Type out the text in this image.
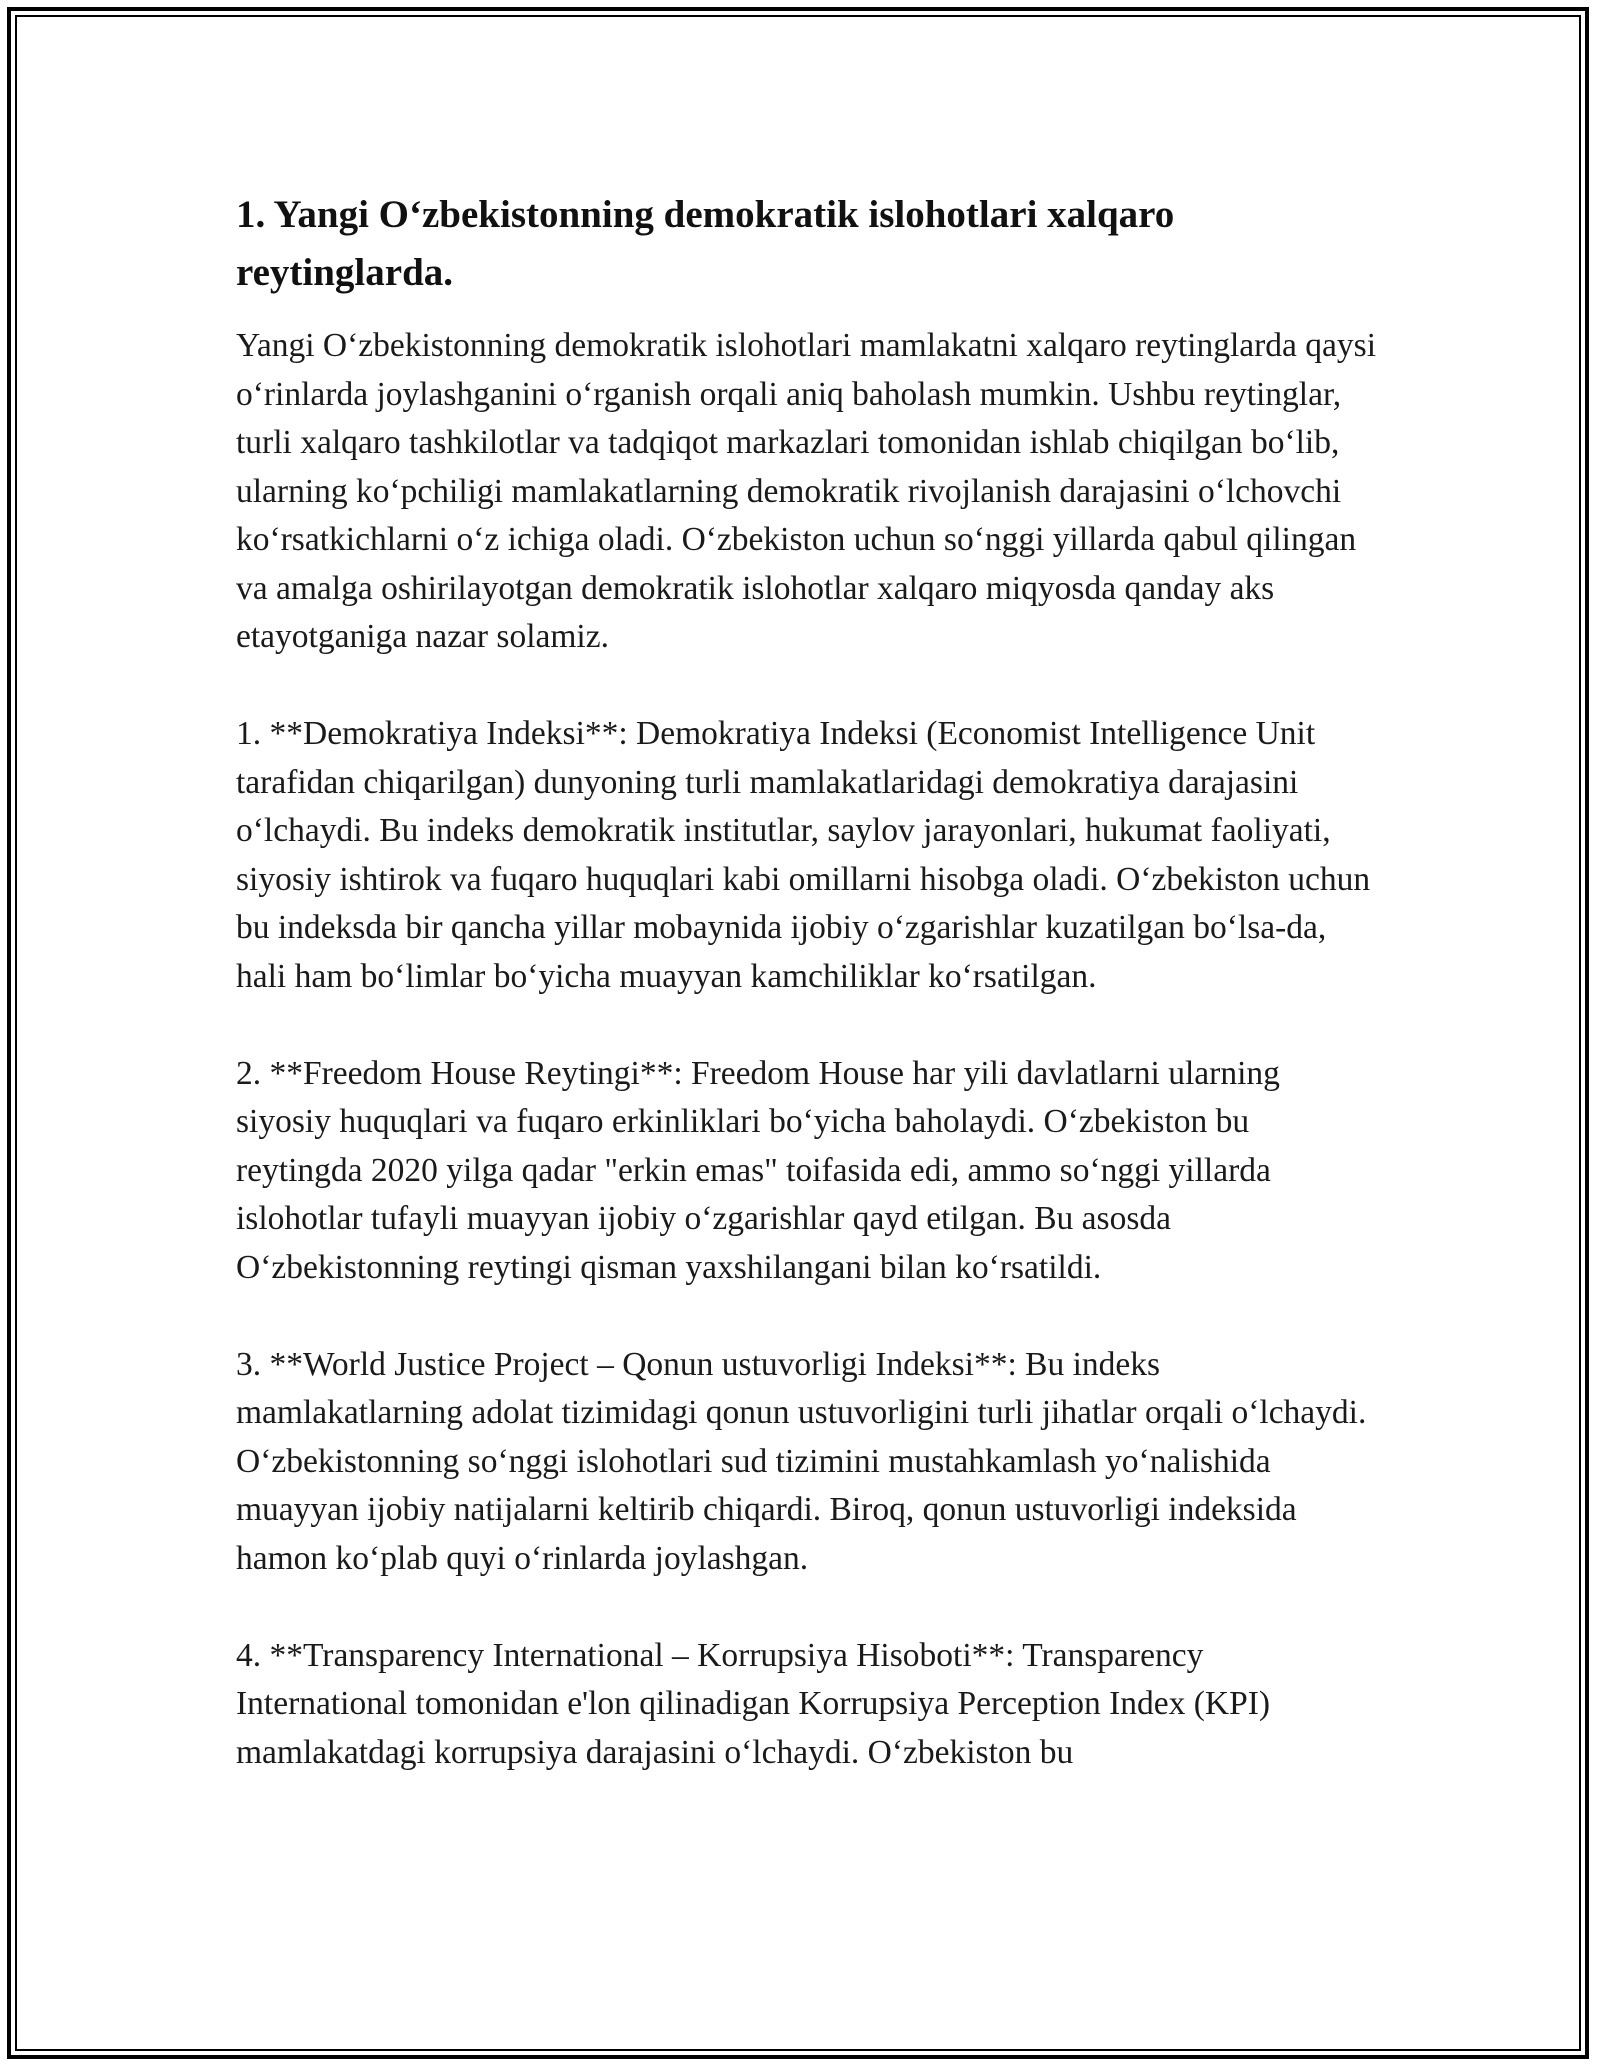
1. Yangi O‘zbekistonning demokratik islohotlari xalqaro reytinglarda.

Yangi O‘zbekistonning demokratik islohotlari mamlakatni xalqaro reytinglarda qaysi o‘rinlarda joylashganini o‘rganish orqali aniq baholash mumkin. Ushbu reytinglar, turli xalqaro tashkilotlar va tadqiqot markazlari tomonidan ishlab chiqilgan bo‘lib, ularning ko‘pchiligi mamlakatlarning demokratik rivojlanish darajasini o‘lchovchi ko‘rsatkichlarni o‘z ichiga oladi. O‘zbekiston uchun so‘nggi yillarda qabul qilingan va amalga oshirilayotgan demokratik islohotlar xalqaro miqyosda qanday aks etayotganiga nazar solamiz.

1. **Demokratiya Indeksi**: Demokratiya Indeksi (Economist Intelligence Unit tarafidan chiqarilgan) dunyoning turli mamlakatlaridagi demokratiya darajasini o‘lchaydi. Bu indeks demokratik institutlar, saylov jarayonlari, hukumat faoliyati, siyosiy ishtirok va fuqaro huquqlari kabi omillarni hisobga oladi. O‘zbekiston uchun bu indeksda bir qancha yillar mobaynida ijobiy o‘zgarishlar kuzatilgan bo‘lsa-da, hali ham bo‘limlar bo‘yicha muayyan kamchiliklar ko‘rsatilgan.

2. **Freedom House Reytingi**: Freedom House har yili davlatlarni ularning siyosiy huquqlari va fuqaro erkinliklari bo‘yicha baholaydi. O‘zbekiston bu reytingda 2020 yilga qadar "erkin emas" toifasida edi, ammo so‘nggi yillarda islohotlar tufayli muayyan ijobiy o‘zgarishlar qayd etilgan. Bu asosda O‘zbekistonning reytingi qisman yaxshilangani bilan ko‘rsatildi.

3. **World Justice Project – Qonun ustuvorligi Indeksi**: Bu indeks mamlakatlarning adolat tizimidagi qonun ustuvorligini turli jihatlar orqali o‘lchaydi. O‘zbekistonning so‘nggi islohotlari sud tizimini mustahkamlash yo‘nalishida muayyan ijobiy natijalarni keltirib chiqardi. Biroq, qonun ustuvorligi indeksida hamon ko‘plab quyi o‘rinlarda joylashgan.

4. **Transparency International – Korrupsiya Hisoboti**: Transparency International tomonidan e'lon qilinadigan Korrupsiya Perception Index (KPI) mamlakatdagi korrupsiya darajasini o‘lchaydi. O‘zbekiston bu
